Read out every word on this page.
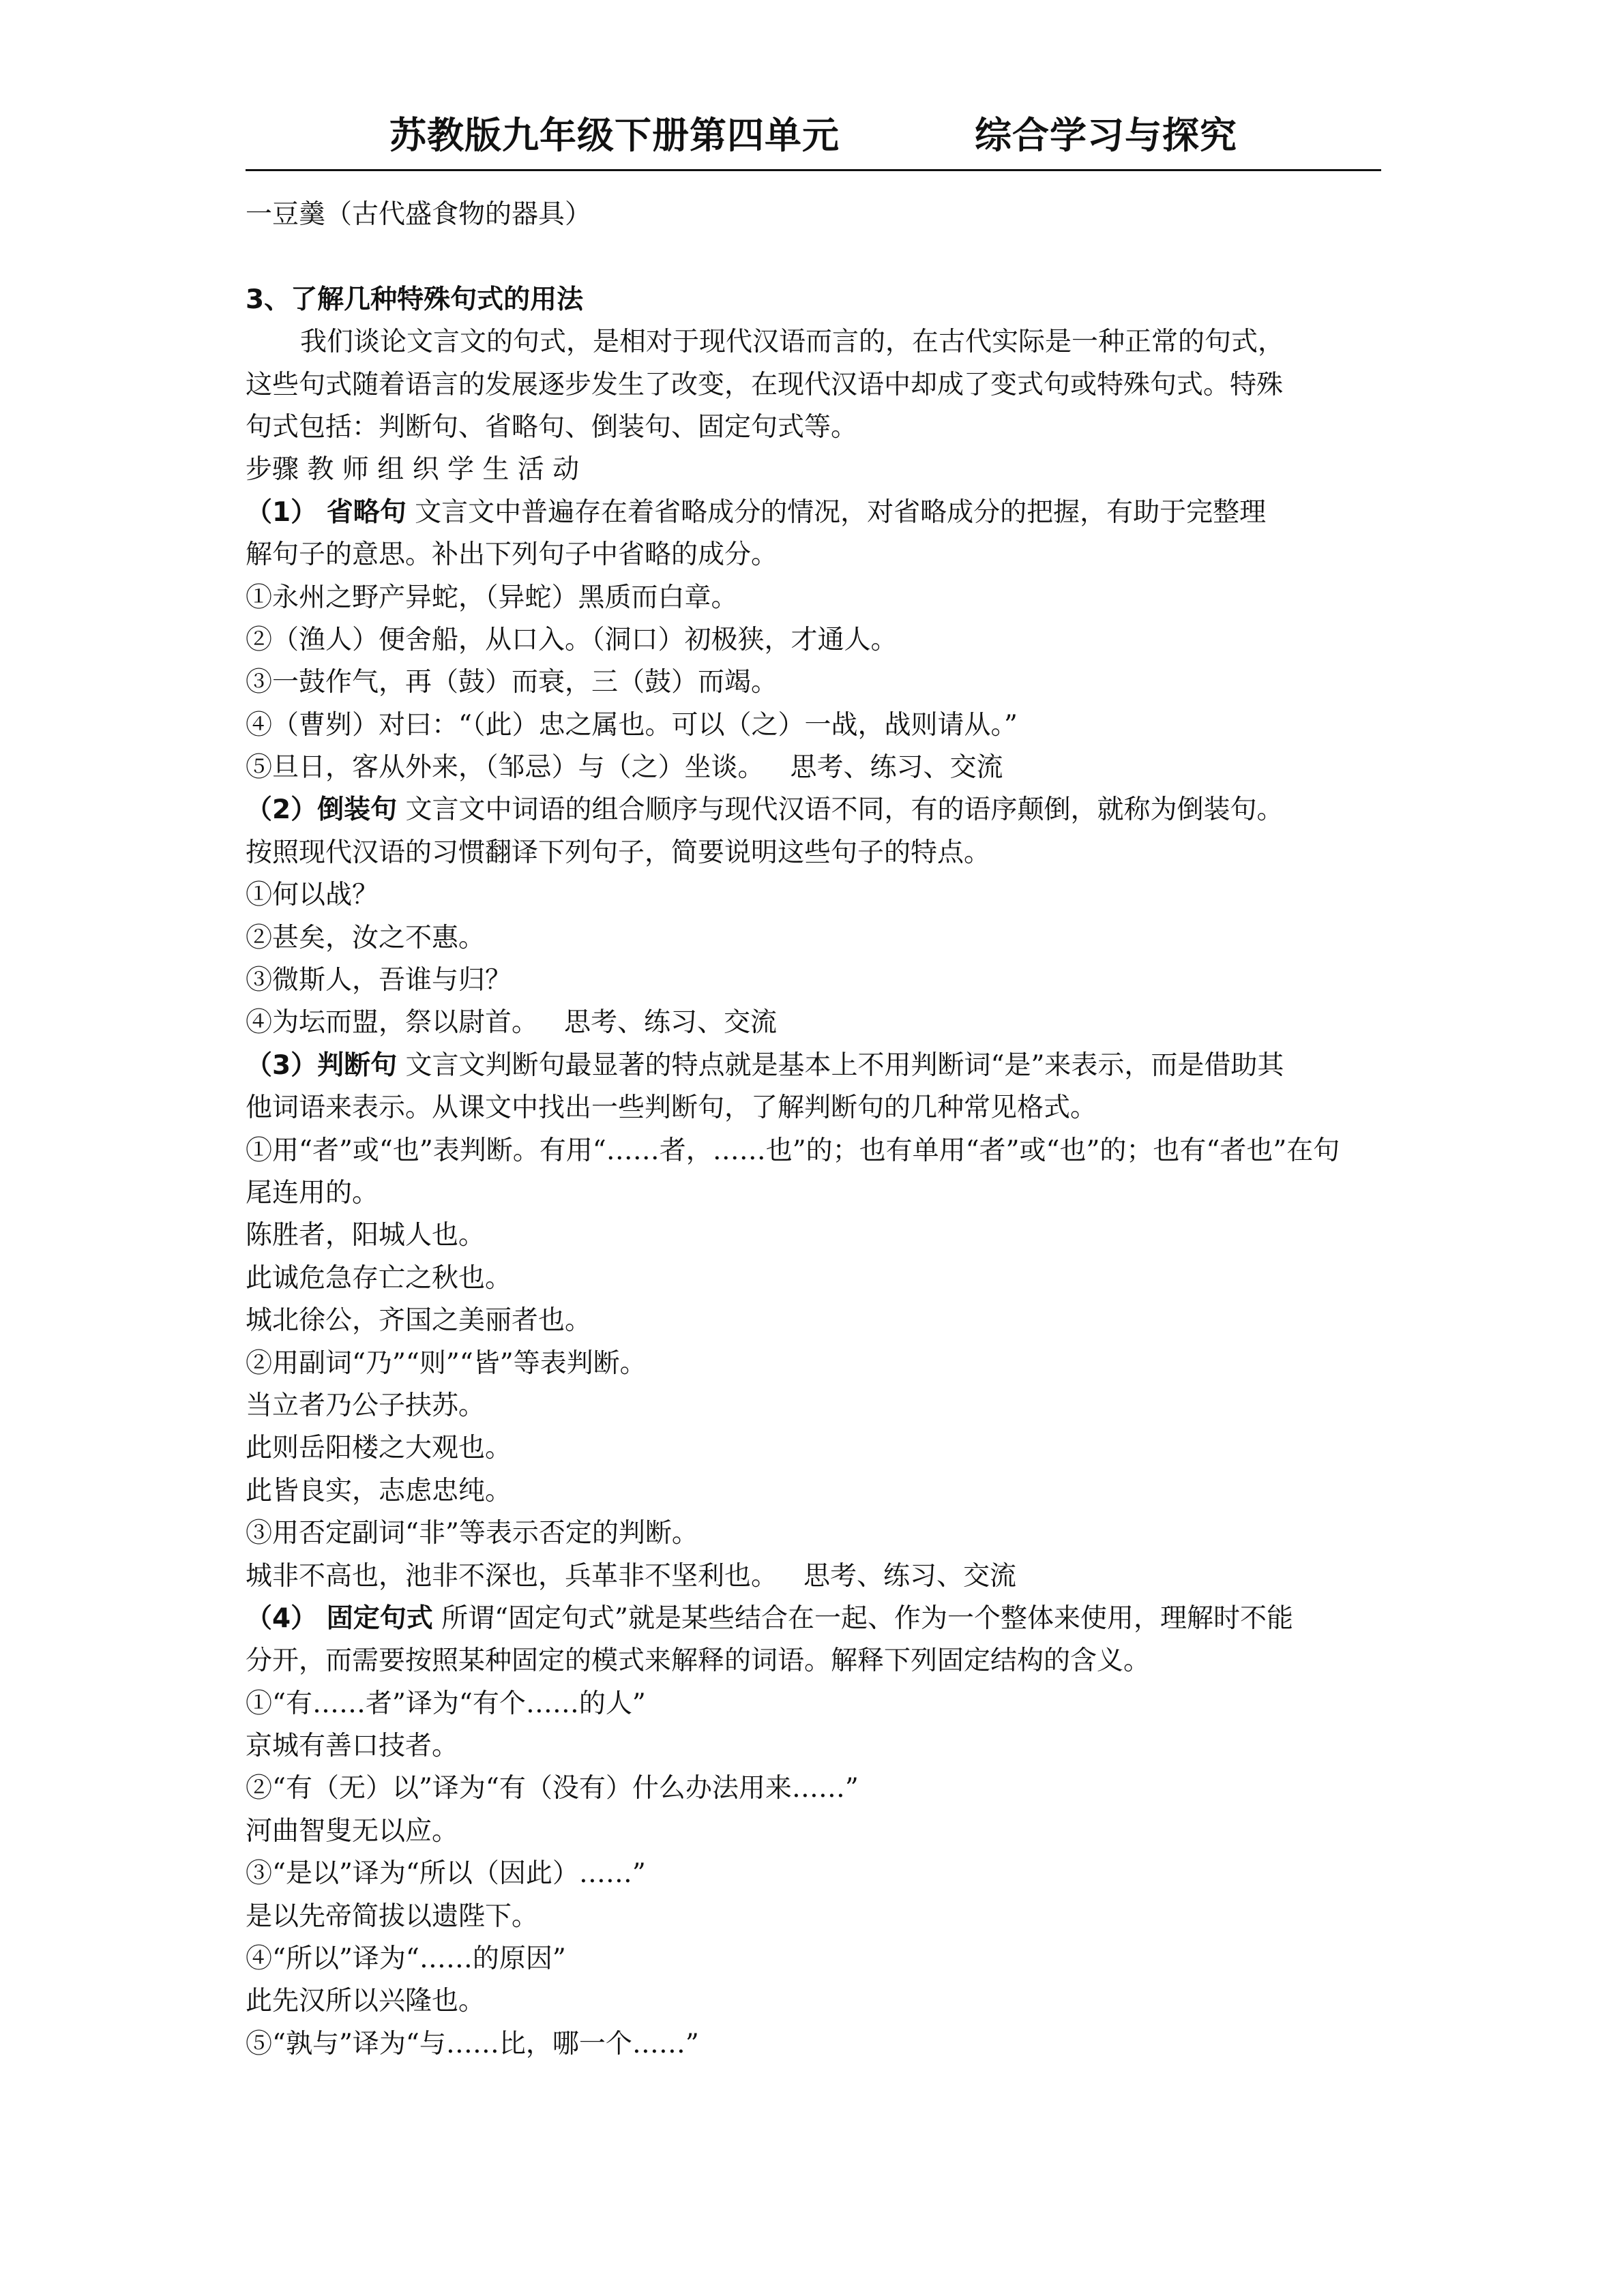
苏教版九年级下册第四单元          综合学习与探究
一豆羹（古代盛食物的器具）
3、了解几种特殊句式的用法
我们谈论文言文的句式，是相对于现代汉语而言的，在古代实际是一种正常的句式，
这些句式随着语言的发展逐步发生了改变，在现代汉语中却成了变式句或特殊句式。特殊
句式包括：判断句、省略句、倒装句、固定句式等。
步骤 教 师 组 织 学 生 活 动
（1） 省略句 文言文中普遍存在着省略成分的情况，对省略成分的把握，有助于完整理
解句子的意思。补出下列句子中省略的成分。
①永州之野产异蛇，（异蛇）黑质而白章。
②（渔人）便舍船，从口入。（洞口）初极狭，才通人。
③一鼓作气，再（鼓）而衰，三（鼓）而竭。
④（曹刿）对曰：“（此）忠之属也。可以（之）一战，战则请从。”
⑤旦日，客从外来，（邹忌）与（之）坐谈。 思考、练习、交流
（2）倒装句 文言文中词语的组合顺序与现代汉语不同，有的语序颠倒，就称为倒装句。
按照现代汉语的习惯翻译下列句子，简要说明这些句子的特点。
①何以战？
②甚矣，汝之不惠。
③微斯人，吾谁与归？
④为坛而盟，祭以尉首。 思考、练习、交流
（3）判断句 文言文判断句最显著的特点就是基本上不用判断词“是”来表示，而是借助其
他词语来表示。从课文中找出一些判断句，了解判断句的几种常见格式。
①用“者”或“也”表判断。有用“……者，……也”的；也有单用“者”或“也”的；也有“者也”在句
尾连用的。
陈胜者，阳城人也。
此诚危急存亡之秋也。
城北徐公，齐国之美丽者也。
②用副词“乃”“则”“皆”等表判断。
当立者乃公子扶苏。
此则岳阳楼之大观也。
此皆良实，志虑忠纯。
③用否定副词“非”等表示否定的判断。
城非不高也，池非不深也，兵革非不坚利也。 思考、练习、交流
（4） 固定句式 所谓“固定句式”就是某些结合在一起、作为一个整体来使用，理解时不能
分开，而需要按照某种固定的模式来解释的词语。解释下列固定结构的含义。
①“有……者”译为“有个……的人”
京城有善口技者。
②“有（无）以”译为“有（没有）什么办法用来……”
河曲智叟无以应。
③“是以”译为“所以（因此）……”
是以先帝简拔以遗陛下。
④“所以”译为“……的原因”
此先汉所以兴隆也。
⑤“孰与”译为“与……比，哪一个……”
